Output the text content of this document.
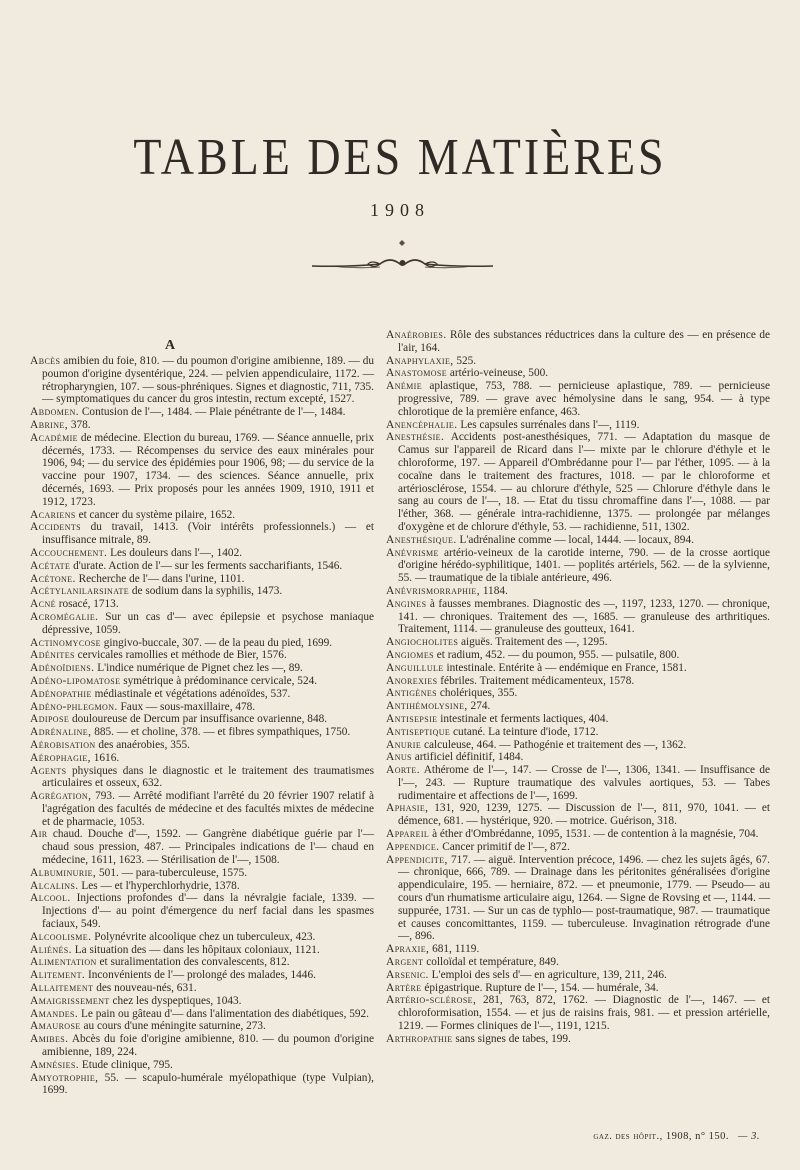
TABLE DES MATIÈRES
1908
A

Abcès amibien du foie, 810. — du poumon d'origine amibienne, 189. — du poumon d'origine dysentérique, 224. — pelvien appendiculaire, 1172. — rétropharyngien, 107. — sous-phréniques. Signes et diagnostic, 711, 735. — symptomatiques du cancer du gros intestin, rectum excepté, 1527.

Abdomen. Contusion de l'—, 1484. — Plaie pénétrante de l'—, 1484.

Abrine, 378.

Académie de médecine. Election du bureau, 1769. — Séance annuelle, prix décernés, 1733. — Récompenses du service des eaux minérales pour 1906, 94; — du service des épidémies pour 1906, 98; — du service de la vaccine pour 1907, 1734. — des sciences. Séance annuelle, prix décernés, 1693. — Prix proposés pour les années 1909, 1910, 1911 et 1912, 1723.

Acariens et cancer du système pilaire, 1652.

Accidents du travail, 1413. (Voir intérêts professionnels.) — et insuffisance mitrale, 89.

Accouchement. Les douleurs dans l'—, 1402.

Acétate d'urate. Action de l'— sur les ferments saccharifiants, 1546.

Acétone. Recherche de l'— dans l'urine, 1101.

Acétylanilarsinate de sodium dans la syphilis, 1473.

Acné rosacé, 1713.

Acromégalie. Sur un cas d'— avec épilepsie et psychose maniaque dépressive, 1059.

Actinomycose gingivo-buccale, 307. — de la peau du pied, 1699.

Adénites cervicales ramollies et méthode de Bier, 1576.

Adénoïdiens. L'indice numérique de Pignet chez les —, 89.

Adéno-lipomatose symétrique à prédominance cervicale, 524.

Adénopathie médiastinale et végétations adénoïdes, 537.

Adéno-phlegmon. Faux — sous-maxillaire, 478.

Adipose douloureuse de Dercum par insuffisance ovarienne, 848.

Adrénaline, 885. — et choline, 378. — et fibres sympathiques, 1750.

Aérobisation des anaérobies, 355.

Aérophagie, 1616.

Agents physiques dans le diagnostic et le traitement des traumatismes articulaires et osseux, 632.

Agrégation, 793. — Arrêté modifiant l'arrêté du 20 février 1907 relatif à l'agrégation des facultés de médecine et des facultés mixtes de médecine et de pharmacie, 1053.

Air chaud. Douche d'—, 1592. — Gangrène diabétique guérie par l'— chaud sous pression, 487. — Principales indications de l'— chaud en médecine, 1611, 1623. — Stérilisation de l'—, 1508.

Albuminurie, 501. — para-tuberculeuse, 1575.

Alcalins. Les — et l'hyperchlorhydrie, 1378.

Alcool. Injections profondes d'— dans la névralgie faciale, 1339. — Injections d'— au point d'émergence du nerf facial dans les spasmes faciaux, 549.

Alcoolisme. Polynévrite alcoolique chez un tuberculeux, 423.

Aliénés. La situation des — dans les hôpitaux coloniaux, 1121.

Alimentation et suralimentation des convalescents, 812.

Alitement. Inconvénients de l'— prolongé des malades, 1446.

Allaitement des nouveau-nés, 631.

Amaigrissement chez les dyspeptiques, 1043.

Amandes. Le pain ou gâteau d'— dans l'alimentation des diabétiques, 592.

Amaurose au cours d'une méningite saturnine, 273.

Amibes. Abcès du foie d'origine amibienne, 810. — du poumon d'origine amibienne, 189, 224.

Amnésies. Etude clinique, 795.

Amyotrophie, 55. — scapulo-humérale myélopathique (type Vulpian), 1699.

Anaérobies. Rôle des substances réductrices dans la culture des — en présence de l'air, 164.

Anaphylaxie, 525.

Anastomose artério-veineuse, 500.

Anémie aplastique, 753, 788. — pernicieuse aplastique, 789. — pernicieuse progressive, 789. — grave avec hémolysine dans le sang, 954. — à type chlorotique de la première enfance, 463.

Anencéphalie. Les capsules surrénales dans l'—, 1119.

Anesthésie. Accidents post-anesthésiques, 771. — Adaptation du masque de Camus sur l'appareil de Ricard dans l'— mixte par le chlorure d'éthyle et le chloroforme, 197. — Appareil d'Ombrédanne pour l'— par l'éther, 1095. — à la cocaïne dans le traitement des fractures, 1018. — par le chloroforme et artériosclérose, 1554. — au chlorure d'éthyle, 525 — Chlorure d'éthyle dans le sang au cours de l'—, 18. — Etat du tissu chromaffine dans l'—, 1088. — par l'éther, 368. — générale intra-rachidienne, 1375. — prolongée par mélanges d'oxygène et de chlorure d'éthyle, 53. — rachidienne, 511, 1302.

Anesthésique. L'adrénaline comme — local, 1444. — locaux, 894.

Anévrisme artério-veineux de la carotide interne, 790. — de la crosse aortique d'origine hérédo-syphilitique, 1401. — poplités artériels, 562. — de la sylvienne, 55. — traumatique de la tibiale antérieure, 496.

Anévrismorraphie, 1184.

Angines à fausses membranes. Diagnostic des —, 1197, 1233, 1270. — chronique, 141. — chroniques. Traitement des —, 1685. — granuleuse des arthritiques. Traitement, 1114. — granuleuse des goutteux, 1641.

Angiocholites aiguës. Traitement des —, 1295.

Angiomes et radium, 452. — du poumon, 955. — pulsatile, 800.

Anguillule intestinale. Entérite à — endémique en France, 1581.

Anorexies fébriles. Traitement médicamenteux, 1578.

Antigènes cholériques, 355.

Antihémolysine, 274.

Antisepsie intestinale et ferments lactiques, 404.

Antiseptique cutané. La teinture d'iode, 1712.

Anurie calculeuse, 464. — Pathogénie et traitement des —, 1362.

Anus artificiel définitif, 1484.

Aorte. Athérome de l'—, 147. — Crosse de l'—, 1306, 1341. — Insuffisance de l'—, 243. — Rupture traumatique des valvules aortiques, 53. — Tabes rudimentaire et affections de l'—, 1699.

Aphasie, 131, 920, 1239, 1275. — Discussion de l'—, 811, 970, 1041. — et démence, 681. — hystérique, 920. — motrice. Guérison, 318.

Appareil à éther d'Ombrédanne, 1095, 1531. — de contention à la magnésie, 704.

Appendice. Cancer primitif de l'—, 872.

Appendicite, 717. — aiguë. Intervention précoce, 1496. — chez les sujets âgés, 67. — chronique, 666, 789. — Drainage dans les péritonites généralisées d'origine appendiculaire, 195. — herniaire, 872. — et pneumonie, 1779. — Pseudo— au cours d'un rhumatisme articulaire aigu, 1264. — Signe de Rovsing et —, 1144. — suppurée, 1731. — Sur un cas de typhlo— post-traumatique, 987. — traumatique et causes concomittantes, 1159. — tuberculeuse. Invagination rétrograde d'une —, 896.

Apraxie, 681, 1119.

Argent colloïdal et température, 849.

Arsenic. L'emploi des sels d'— en agriculture, 139, 211, 246.

Artère épigastrique. Rupture de l'—, 154. — humérale, 34.

Artério-sclérose, 281, 763, 872, 1762. — Diagnostic de l'—, 1467. — et chloroformisation, 1554. — et jus de raisins frais, 981. — et pression artérielle, 1219. — Formes cliniques de l'—, 1191, 1215.

Arthropathie sans signes de tabes, 199.

gaz. des hôpit., 1908, n° 150. — 3.
